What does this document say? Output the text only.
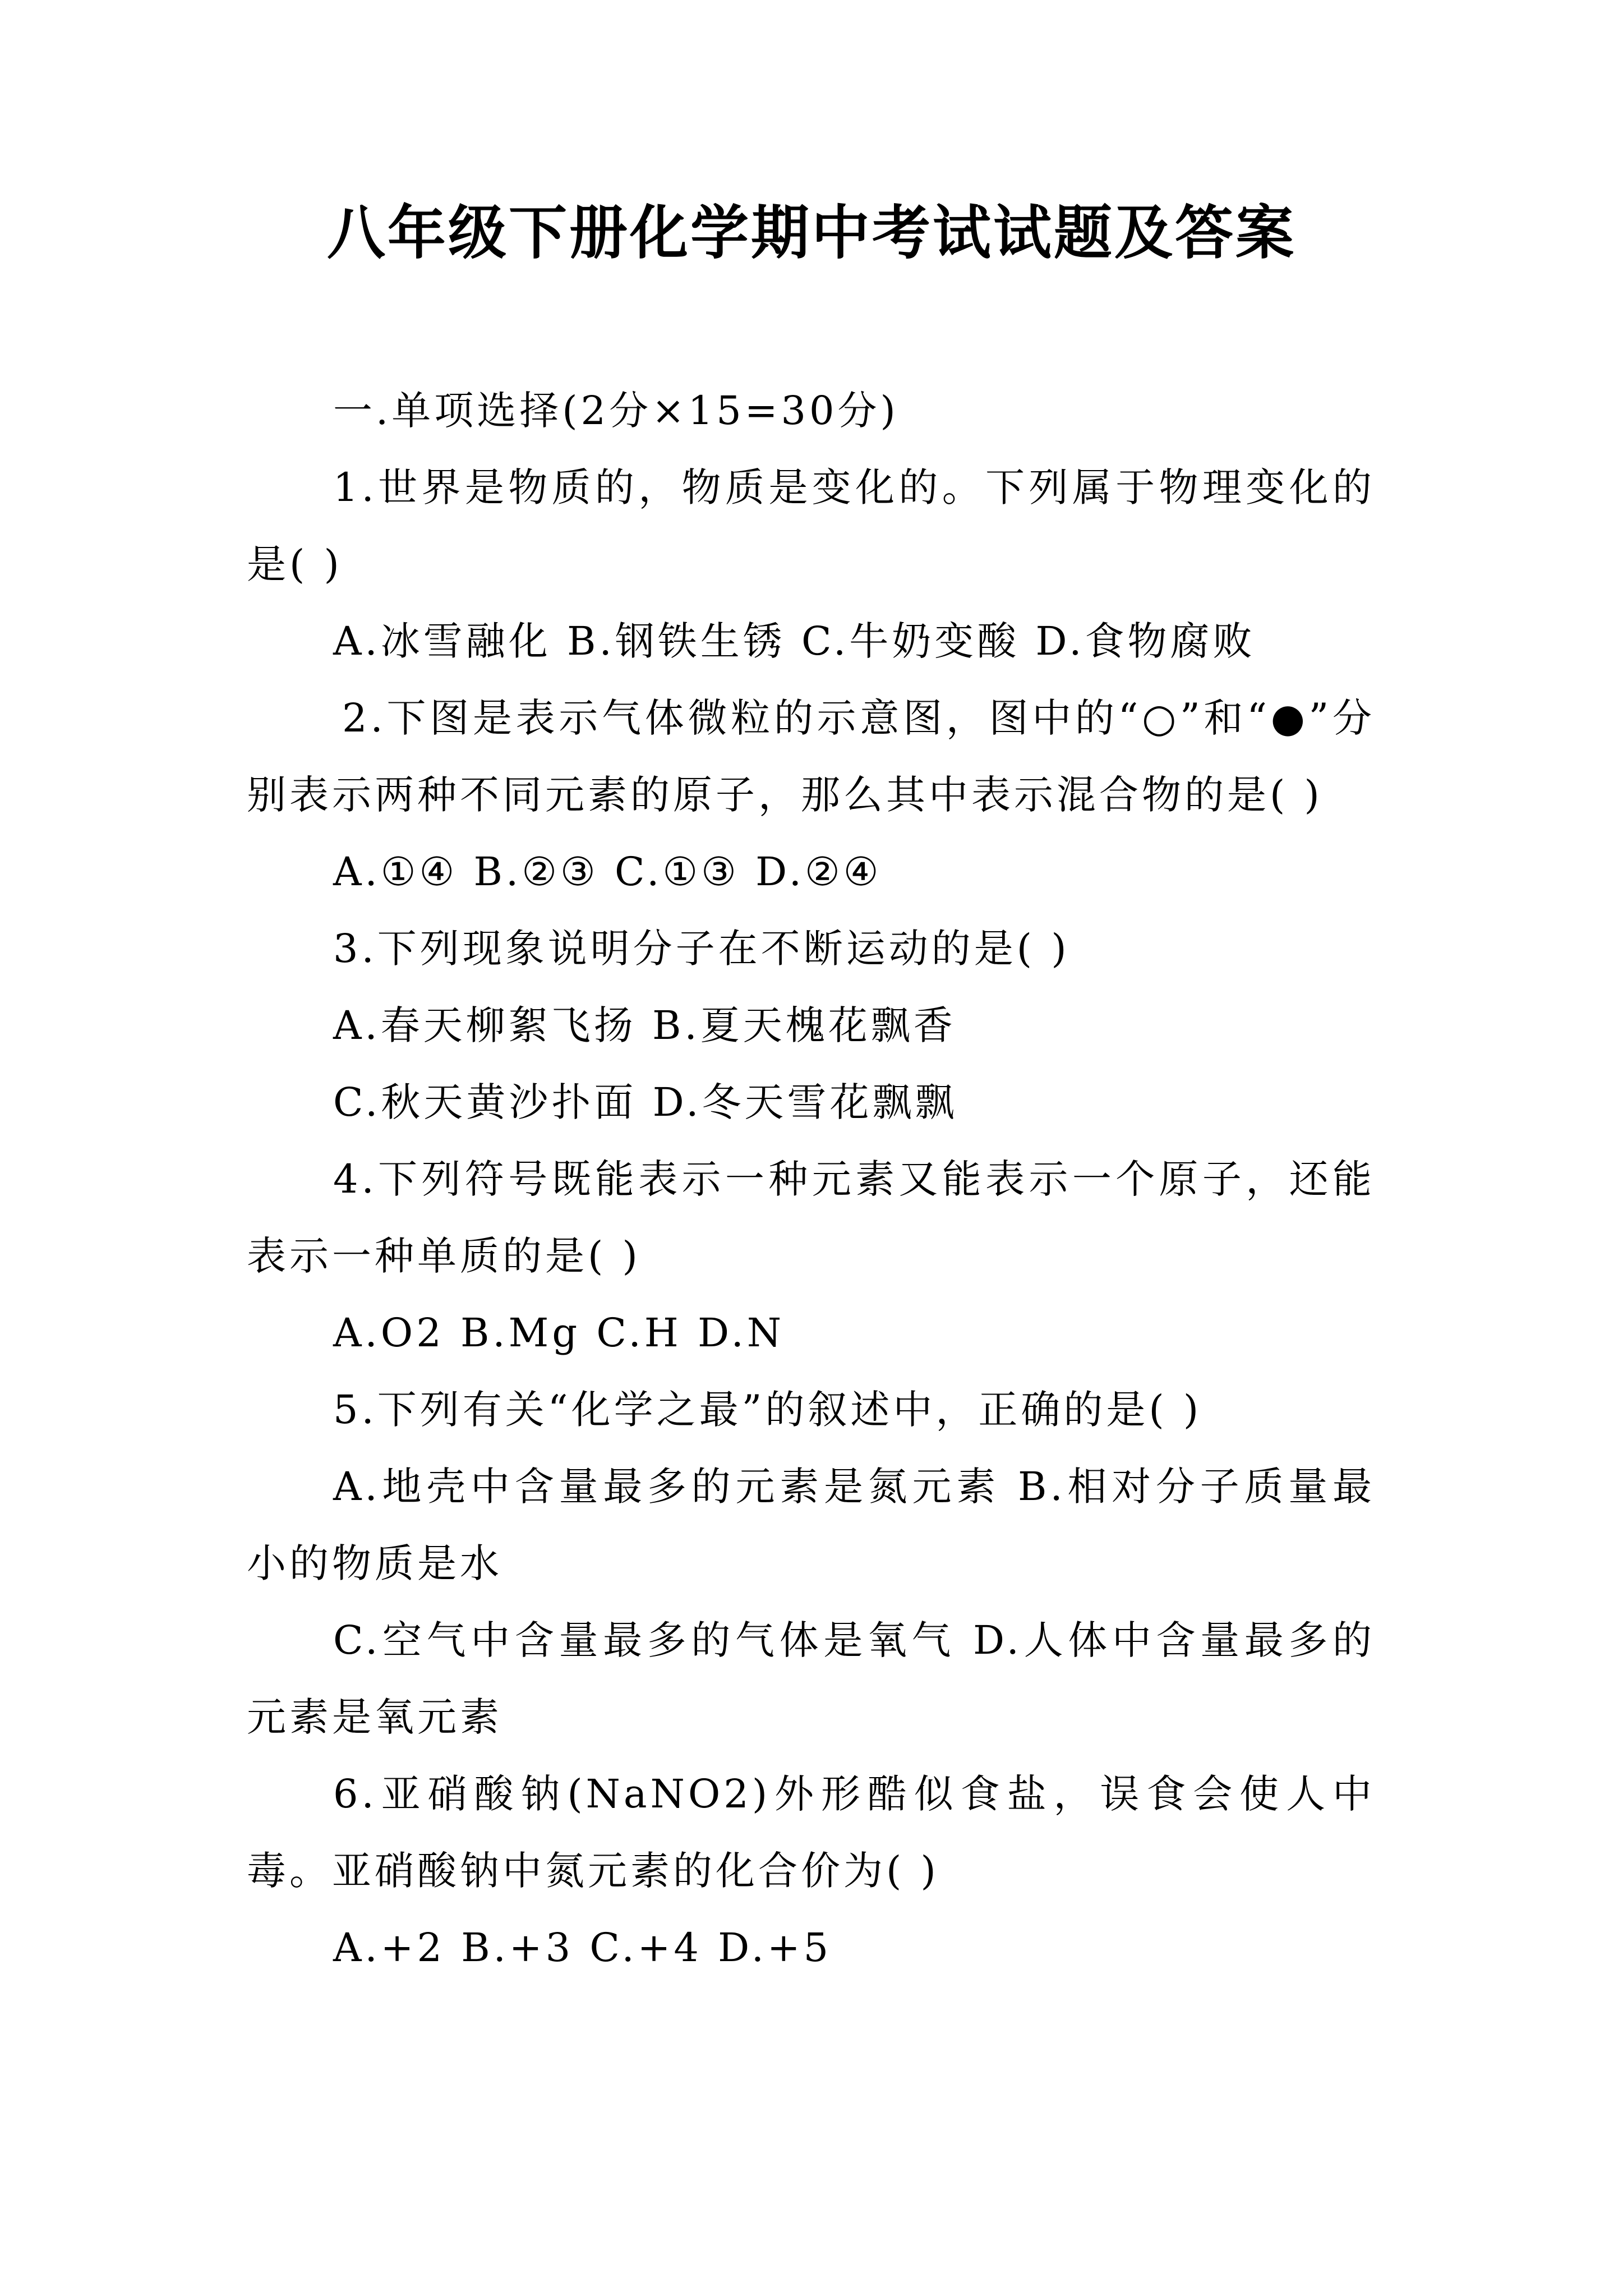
八年级下册化学期中考试试题及答案

一.单项选择(2分×15=30分)

1.世界是物质的，物质是变化的。下列属于物理变化的是( )

A.冰雪融化 B.钢铁生锈 C.牛奶变酸 D.食物腐败

2.下图是表示气体微粒的示意图，图中的“○”和“●”分别表示两种不同元素的原子，那么其中表示混合物的是( )

A.①④ B.②③ C.①③ D.②④

3.下列现象说明分子在不断运动的是( )

A.春天柳絮飞扬 B.夏天槐花飘香

C.秋天黄沙扑面 D.冬天雪花飘飘

4.下列符号既能表示一种元素又能表示一个原子，还能表示一种单质的是( )

A.O2 B.Mg C.H D.N

5.下列有关“化学之最”的叙述中，正确的是( )

A.地壳中含量最多的元素是氮元素 B.相对分子质量最小的物质是水

C.空气中含量最多的气体是氧气 D.人体中含量最多的元素是氧元素

6.亚硝酸钠(NaNO2)外形酷似食盐，误食会使人中毒。亚硝酸钠中氮元素的化合价为( )

A.+2 B.+3 C.+4 D.+5
